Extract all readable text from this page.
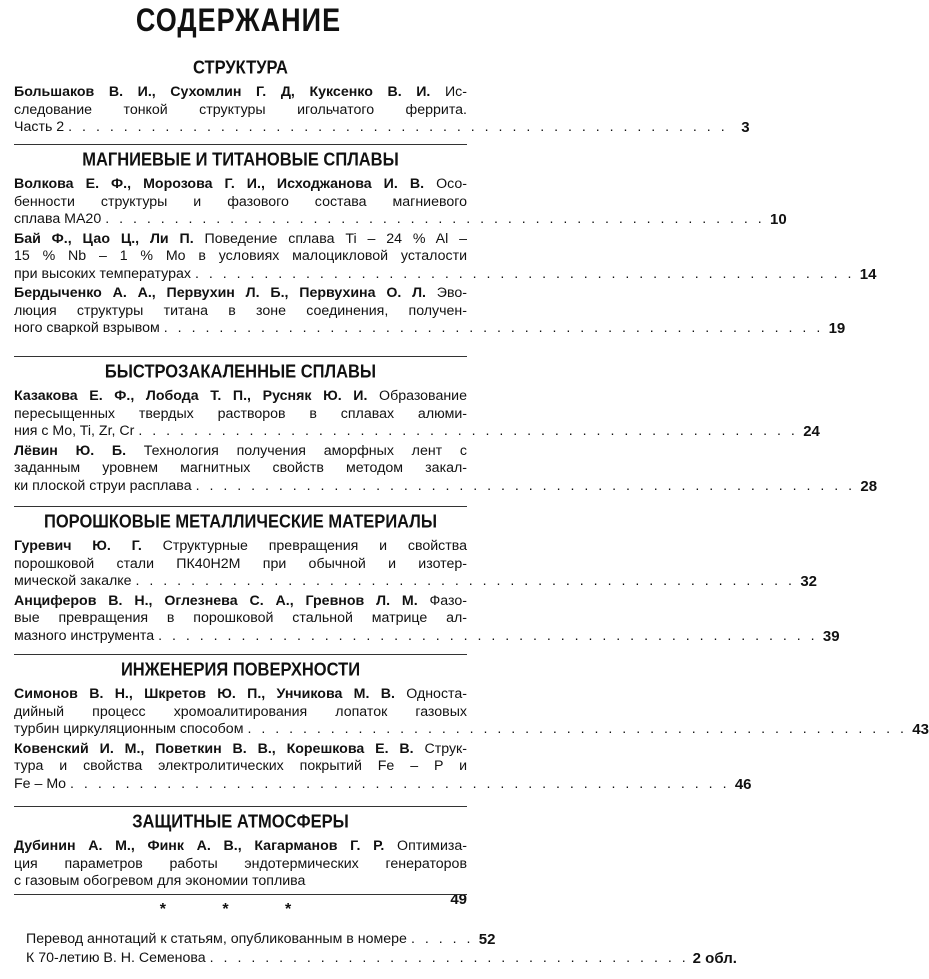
СОДЕРЖАНИЕ
СТРУКТУРА
Большаков В. И., Сухомлин Г. Д, Куксенко В. И. Ис-
следование тонкой структуры игольчатого феррита.
Часть 2 . . . . . . . . . . . . . . . . . . . . . . . . . . . . . . . . . . . . . . . . . . . . . . . . 3
МАГНИЕВЫЕ И ТИТАНОВЫЕ СПЛАВЫ
Волкова Е. Ф., Морозова Г. И., Исходжанова И. В. Осо-
бенности структуры и фазового состава магниевого
сплава МА20 . . . . . . . . . . . . . . . . . . . . . . . . . . . . . . . . . . . . . . . . . . . . . . . . 10
Бай Ф., Цао Ц., Ли П. Поведение сплава Ti – 24 % Al –
15 % Nb – 1 % Mo в условиях малоцикловой усталости
при высоких температурах . . . . . . . . . . . . . . . . . . . . . . . . . . . . . . . . . . . . . . . . . . . . . . . . 14
Бердыченко А. А., Первухин Л. Б., Первухина О. Л. Эво-
люция структуры титана в зоне соединения, получен-
ного сваркой взрывом . . . . . . . . . . . . . . . . . . . . . . . . . . . . . . . . . . . . . . . . . . . . . . . . 19
БЫСТРОЗАКАЛЕННЫЕ СПЛАВЫ
Казакова Е. Ф., Лобода Т. П., Русняк Ю. И. Образование
пересыщенных твердых растворов в сплавах алюми-
ния с Mo, Ti, Zr, Cr . . . . . . . . . . . . . . . . . . . . . . . . . . . . . . . . . . . . . . . . . . . . . . . . 24
Лёвин Ю. Б. Технология получения аморфных лент с
заданным уровнем магнитных свойств методом закал-
ки плоской струи расплава . . . . . . . . . . . . . . . . . . . . . . . . . . . . . . . . . . . . . . . . . . . . . . . . 28
ПОРОШКОВЫЕ МЕТАЛЛИЧЕСКИЕ МАТЕРИАЛЫ
Гуревич Ю. Г. Структурные превращения и свойства
порошковой стали ПК40Н2М при обычной и изотер-
мической закалке . . . . . . . . . . . . . . . . . . . . . . . . . . . . . . . . . . . . . . . . . . . . . . . . 32
Анциферов В. Н., Оглезнева С. А., Гревнов Л. М. Фазо-
вые превращения в порошковой стальной матрице ал-
мазного инструмента . . . . . . . . . . . . . . . . . . . . . . . . . . . . . . . . . . . . . . . . . . . . . . . . 39
ИНЖЕНЕРИЯ ПОВЕРХНОСТИ
Симонов В. Н., Шкретов Ю. П., Унчикова М. В. Односта-
дийный процесс хромоалитирования лопаток газовых
турбин циркуляционным способом . . . . . . . . . . . . . . . . . . . . . . . . . . . . . . . . . . . . . . . . . . . . . . . . 43
Ковенский И. М., Поветкин В. В., Корешкова Е. В. Струк-
тура и свойства электролитических покрытий Fe – P и
Fe – Mo . . . . . . . . . . . . . . . . . . . . . . . . . . . . . . . . . . . . . . . . . . . . . . . . 46
ЗАЩИТНЫЕ АТМОСФЕРЫ
Дубинин А. М., Финк А. В., Кагарманов Г. Р. Оптимиза-
ция параметров работы эндотермических генераторов
с газовым обогревом для экономии топлива
49
* * *
Перевод аннотаций к статьям, опубликованным в номере . . . . . 52
К 70-летию В. Н. Семенова . . . . . . . . . . . . . . . . . . . . . . . . . . . . . . . . . . . 2 обл.
